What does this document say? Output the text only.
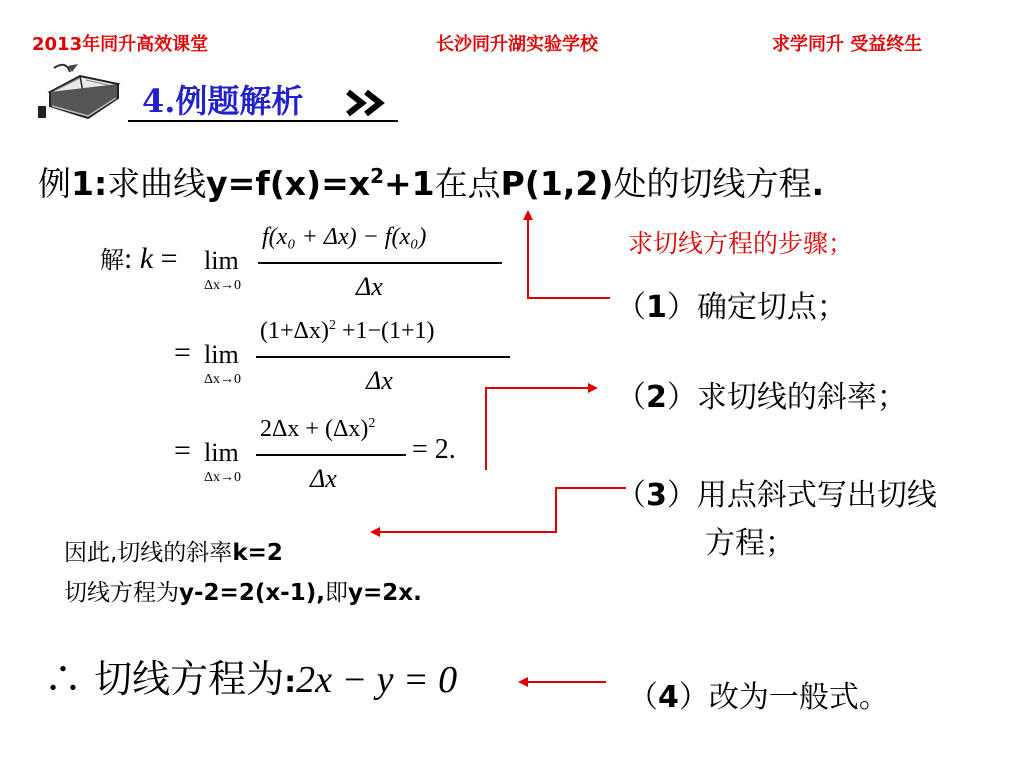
2013年同升高效课堂	长沙同升湖实验学校	求学同升 受益终生
4.例题解析
例1:求曲线$y=f(x)=x^2+1$在点P(1,2)处的切线方程.
解: k = lim
Δx→0
f(x₀ + Δx) − f(x₀)
Δx
= lim
Δx→0
$(1+\Delta x)^2 +1-(1+1)$
Δx
= lim
Δx→0
$2\Delta x + (\Delta x)^2$
Δx
= 2.
求切线方程的步骤；
（1）确定切点；
（2）求切线的斜率；
（3）用点斜式写出切线
方程；
（4）改为一般式。
因此,切线的斜率k=2
切线方程为y-2=2(x-1),即y=2x.
∴ 切线方程为:2x − y = 0
